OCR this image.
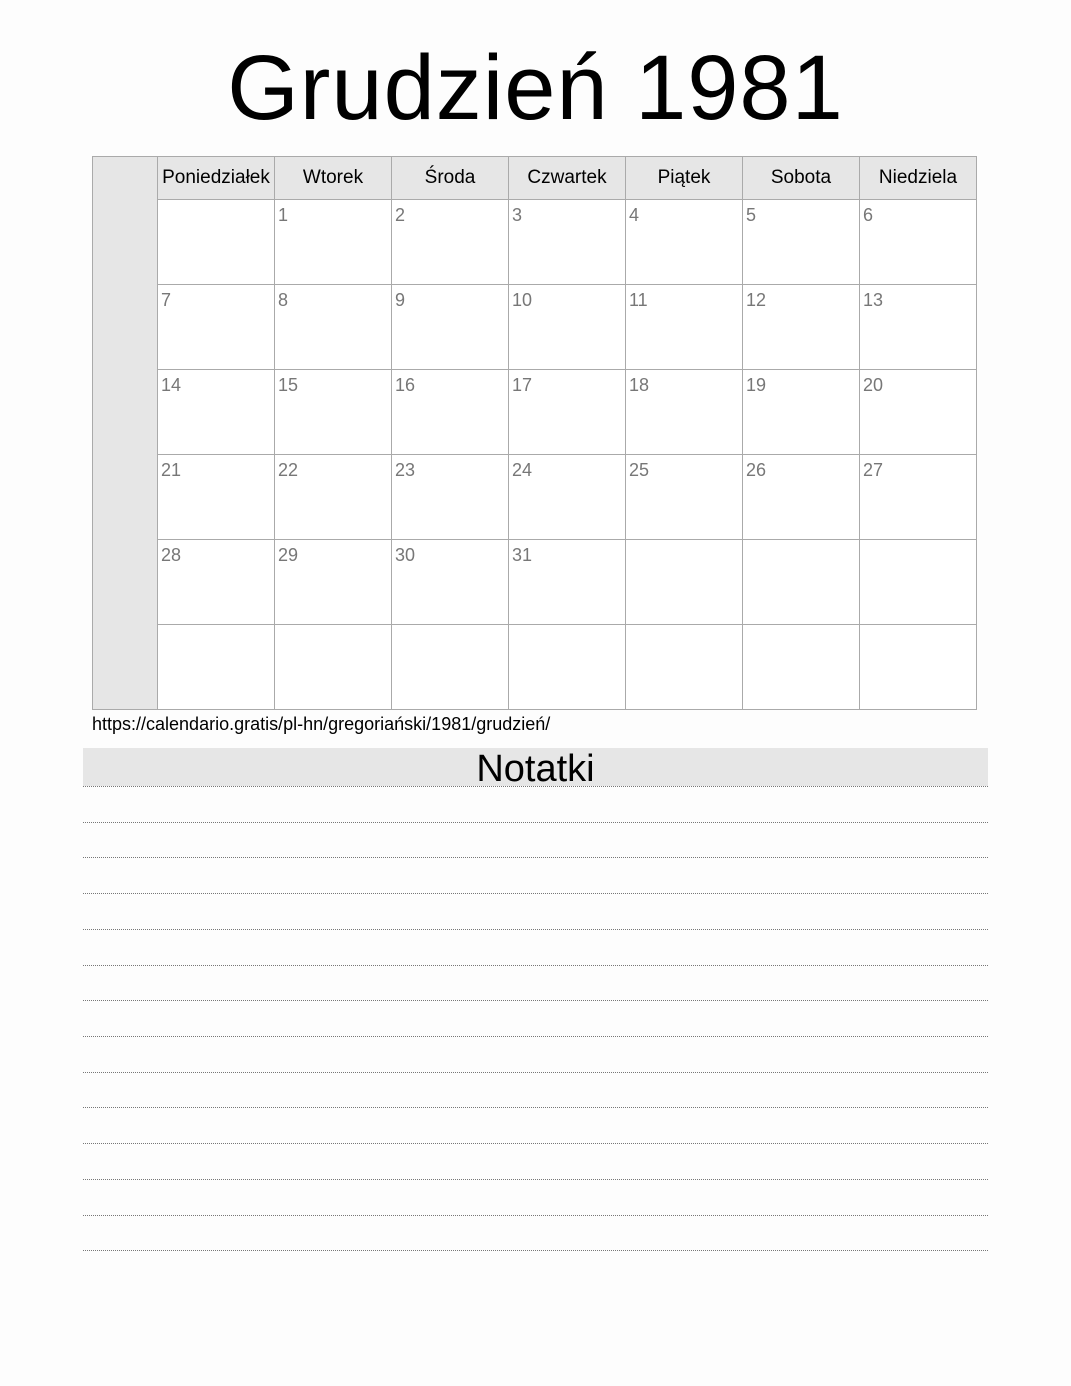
Grudzień 1981
	Poniedziałek	Wtorek	Środa	Czwartek	Piątek	Sobota	Niedziela

		1	2	3	4	5	6

	7	8	9	10	11	12	13

	14	15	16	17	18	19	20

	21	22	23	24	25	26	27

	28	29	30	31			

https://calendario.gratis/pl-hn/gregoriański/1981/grudzień/
Notatki
